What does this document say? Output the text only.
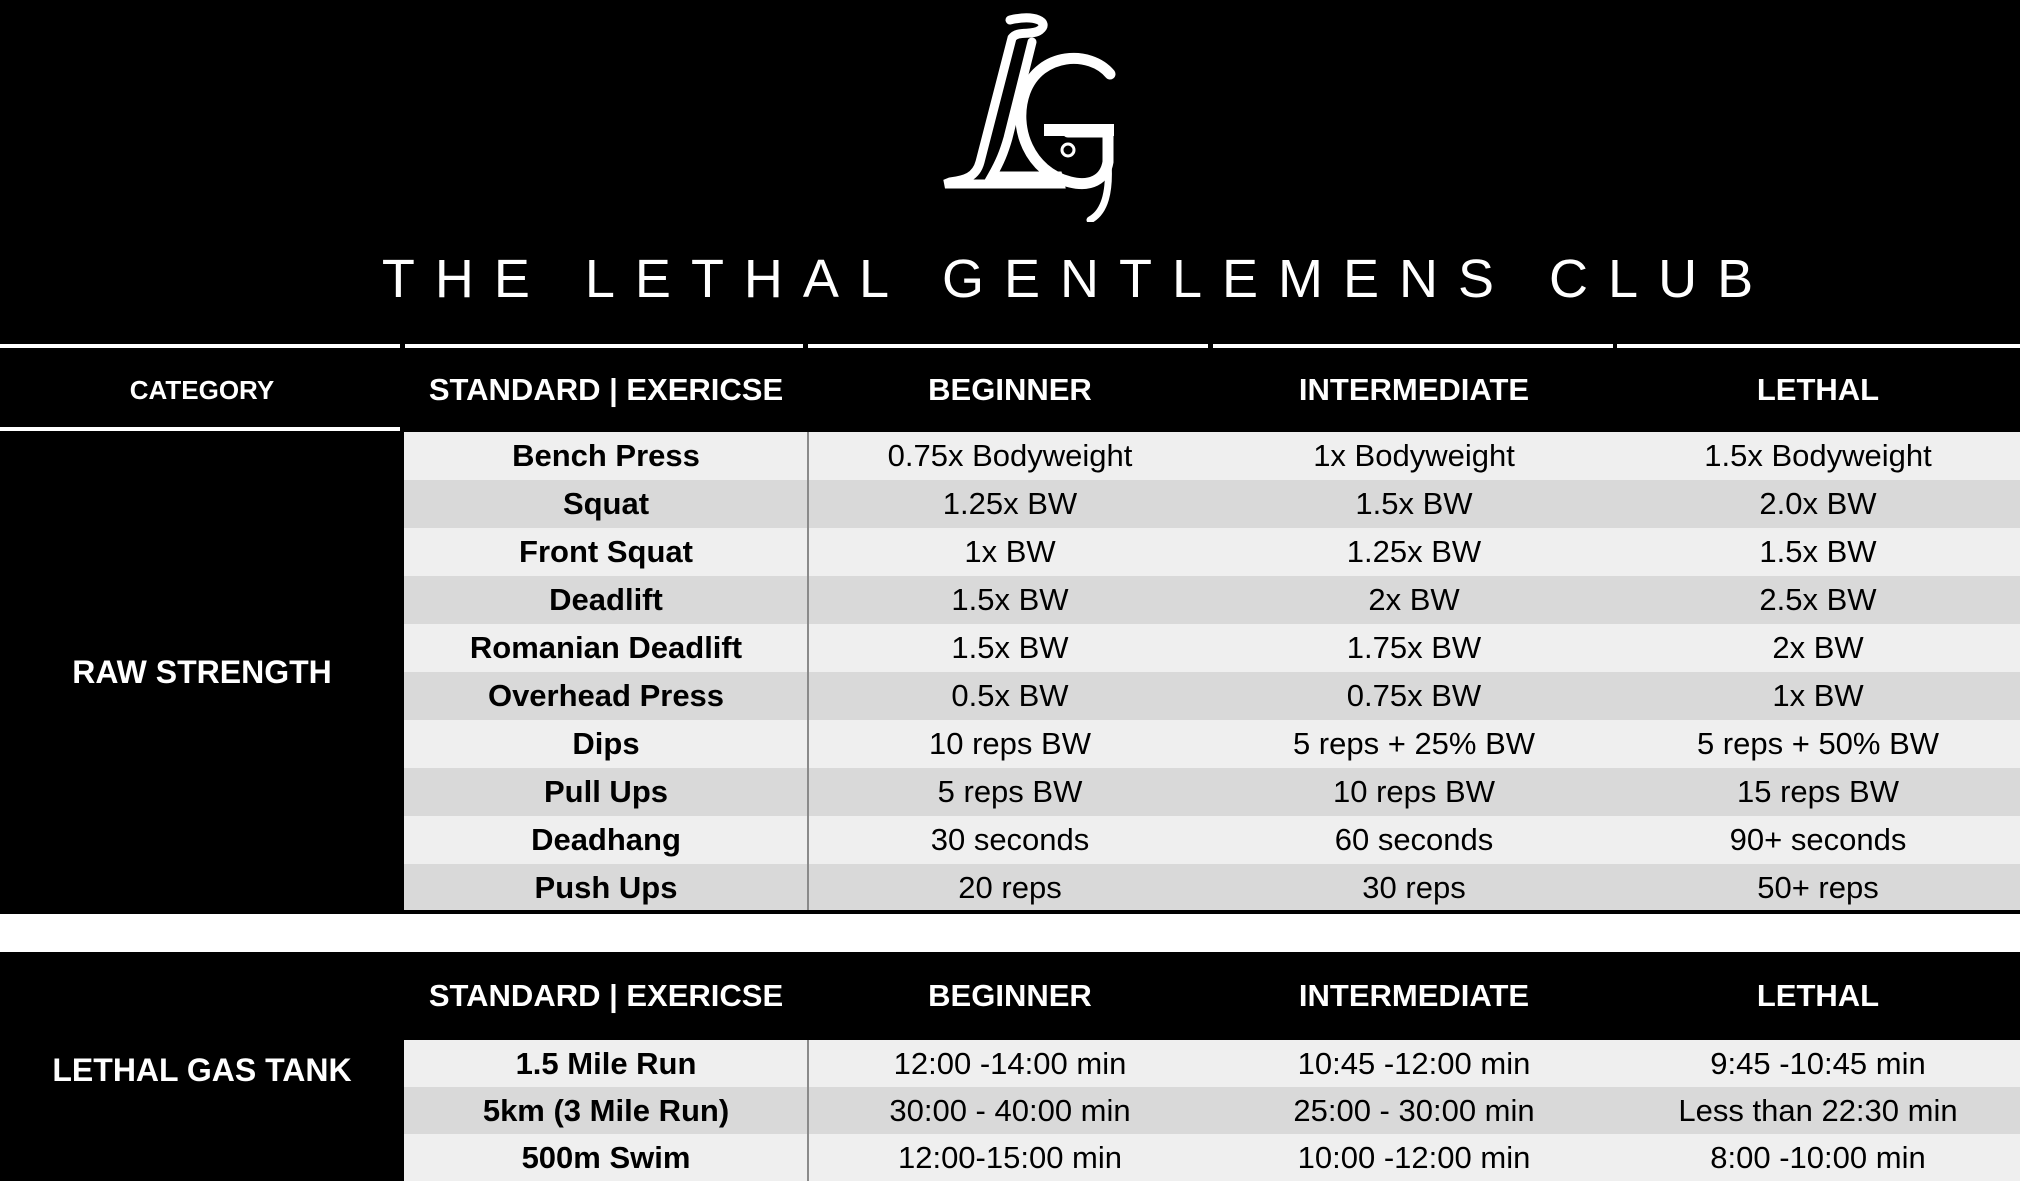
THE LETHAL GENTLEMENS CLUB
CATEGORY	STANDARD | EXERICSE	BEGINNER	INTERMEDIATE	LETHAL
RAW STRENGTH
Bench Press	0.75x Bodyweight	1x Bodyweight	1.5x Bodyweight
Squat	1.25x BW	1.5x BW	2.0x BW
Front Squat	1x BW	1.25x BW	1.5x BW
Deadlift	1.5x BW	2x BW	2.5x BW
Romanian Deadlift	1.5x BW	1.75x BW	2x BW
Overhead Press	0.5x BW	0.75x BW	1x BW
Dips	10 reps BW	5 reps + 25% BW	5 reps + 50% BW
Pull Ups	5 reps BW	10 reps BW	15 reps BW
Deadhang	30 seconds	60 seconds	90+ seconds
Push Ups	20 reps	30 reps	50+ reps
STANDARD | EXERICSE	BEGINNER	INTERMEDIATE	LETHAL
LETHAL GAS TANK	1.5 Mile Run	12:00 -14:00 min	10:45 -12:00 min	9:45 -10:45 min
5km (3 Mile Run)	30:00 - 40:00 min	25:00 - 30:00 min	Less than 22:30 min
500m Swim	12:00-15:00 min	10:00 -12:00 min	8:00 -10:00 min
